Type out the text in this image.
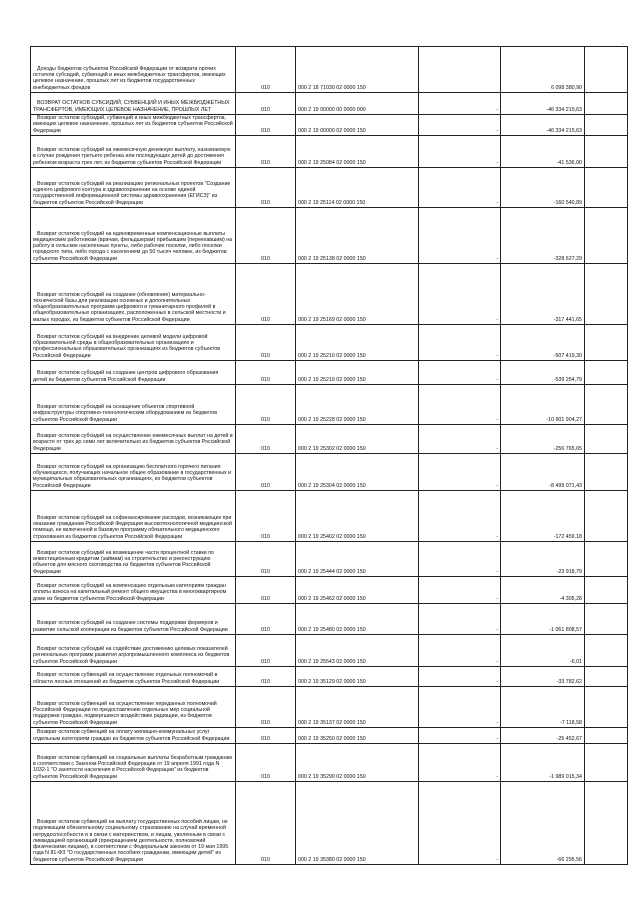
Доходы бюджетов субъектов Российской Федерации от возврата прочих остатков субсидий, субвенций и иных межбюджетных трансфертов, имеющих целевое назначение, прошлых лет из бюджетов государственных внебюджетных фондов	010	000 2 18 71030 02 0000 150		6 098 380,90	

ВОЗВРАТ ОСТАТКОВ СУБСИДИЙ, СУБВЕНЦИЙ И ИНЫХ МЕЖБЮДЖЕТНЫХ ТРАНСФЕРТОВ, ИМЕЮЩИХ ЦЕЛЕВОЕ НАЗНАЧЕНИЕ, ПРОШЛЫХ ЛЕТ	010	000 2 19 00000 00 0000 000	-	-46 334 215,63	

Возврат остатков субсидий, субвенций и иных межбюджетных трансфертов, имеющих целевое назначение, прошлых лет из бюджетов субъектов Российской Федерации	010	000 2 19 00000 02 0000 150	-	-46 334 215,63	

Возврат остатков субсидий на ежемесячную денежную выплату, назначаемую в случае рождения третьего ребенка или последующих детей до достижения ребенком возраста трех лет, из бюджетов субъектов Российской Федерации	010	000 2 19 25084 02 0000 150	-	-41 536,00	

Возврат остатков субсидий на реализацию региональных проектов "Создание единого цифрового контура в здравоохранении на основе единой государственной информационной системы здравоохранения (ЕГИСЗ)" из бюджетов субъектов Российской Федерации	010	000 2 19 25114 02 0000 150	-	-160 540,89	

Возврат остатков субсидий на единовременные компенсационные выплаты медицинским работникам (врачам, фельдшерам) прибывшим (переехавшим) на работу в сельские населенные пункты, либо рабочие поселки, либо поселки городского типа, либо города с населением до 50 тысяч человек, из бюджетов субъектов Российской Федерации	010	000 2 19 25138 02 0000 150	-	-328 627,29	

Возврат остатков субсидий на создание (обновление) материально-технической базы для реализации основных и дополнительных общеобразовательных программ цифрового и гуманитарного профилей в общеобразовательных организациях, расположенных в сельской местности и малых городах, из бюджетов субъектов Российской Федерации	010	000 2 19 25169 02 0000 150	-	-317 441,65	

Возврат остатков субсидий на внедрение целевой модели цифровой образовательной среды в общеобразовательных организациях и профессиональных образовательных организациях из бюджетов субъектов Российской Федерации	010	000 2 19 25210 02 0000 150	-	-507 419,30	

Возврат остатков субсидий на создание центров цифрового образования детей из бюджетов субъектов Российской Федерации	010	000 2 19 25219 02 0000 150	-	-539 254,79	

Возврат остатков субсидий на оснащение объектов спортивной инфраструктуры спортивно-технологическим оборудованием из бюджетов субъектов Российской Федерации	010	000 2 19 25228 02 0000 150	-	-10 901 904,27	

Возврат остатков субсидий на осуществление ежемесячных выплат на детей в возрасте от трех до семи лет включительно из бюджетов субъектов Российской Федерации	010	000 2 19 25302 02 0000 150	-	-256 765,65	

Возврат остатков субсидий на организацию бесплатного горячего питания обучающихся, получающих начальное общее образование в государственных и муниципальных образовательных организациях, из бюджетов субъектов Российской Федерации	010	000 2 19 25304 02 0000 150	-	-8 499 071,43	

Возврат остатков субсидий на софинансирование расходов, возникающих при оказании гражданам Российской Федерации высокотехнологичной медицинской помощи, не включенной в базовую программу обязательного медицинского страхования из бюджетов субъектов Российской Федерации	010	000 2 19 25402 02 0000 150	-	-172 459,18	

Возврат остатков субсидий на возмещение части процентной ставки по инвестиционным кредитам (займам) на строительство и реконструкцию объектов для мясного скотоводства из бюджетов субъектов Российской Федерации	010	000 2 19 25444 02 0000 150	-	-23 918,79	

Возврат остатков субсидий на компенсацию отдельным категориям граждан оплаты взноса на капитальный ремонт общего имущества в многоквартирном доме из бюджетов субъектов Российской Федерации	010	000 2 19 25462 02 0000 150	-	-4 305,28	

Возврат остатков субсидий на создание системы поддержки фермеров и развитие сельской кооперации из бюджетов субъектов Российской Федерации	010	000 2 19 25480 02 0000 150	-	-1 061 808,57	

Возврат остатков субсидий на содействие достижению целевых показателей региональных программ развития агропромышленного комплекса из бюджетов субъектов Российской Федерации	010	000 2 19 25543 02 0000 150	-	-6,01	

Возврат остатков субвенций на осуществление отдельных полномочий в области лесных отношений из бюджетов субъектов Российской Федерации	010	000 2 19 35129 02 0000 150	-	-33 782,62	

Возврат остатков субвенций на осуществление переданных полномочий Российской Федерации по предоставлению отдельных мер социальной поддержки граждан, подвергшихся воздействию радиации, из бюджетов субъектов Российской Федерации	010	000 2 19 35137 02 0000 150	-	-7 118,58	

Возврат остатков субвенций на оплату жилищно-коммунальных услуг отдельным категориям граждан из бюджетов субъектов Российской Федерации	010	000 2 19 35250 02 0000 150	-	-25 452,67	

Возврат остатков субвенций на социальные выплаты безработным гражданам в соответствии с Законом Российской Федерации от 19 апреля 1991 года N 1032-1 "О занятости населения в Российской Федерации" из бюджетов субъектов Российской Федерации	010	000 2 19 35290 02 0000 150	-	-1 989 015,34	

Возврат остатков субвенций на выплату государственных пособий лицам, не подлежащим обязательному социальному страхованию на случай временной нетрудоспособности и в связи с материнством, и лицам, уволенным в связи с ликвидацией организаций (прекращением деятельности, полномочий физическими лицами), в соответствии с Федеральным законом от 19 мая 1995 года N 81-ФЗ "О государственных пособиях гражданам, имеющим детей" из бюджетов субъектов Российской Федерации	010	000 2 19 35380 02 0000 150	-	-66 295,56	
·
